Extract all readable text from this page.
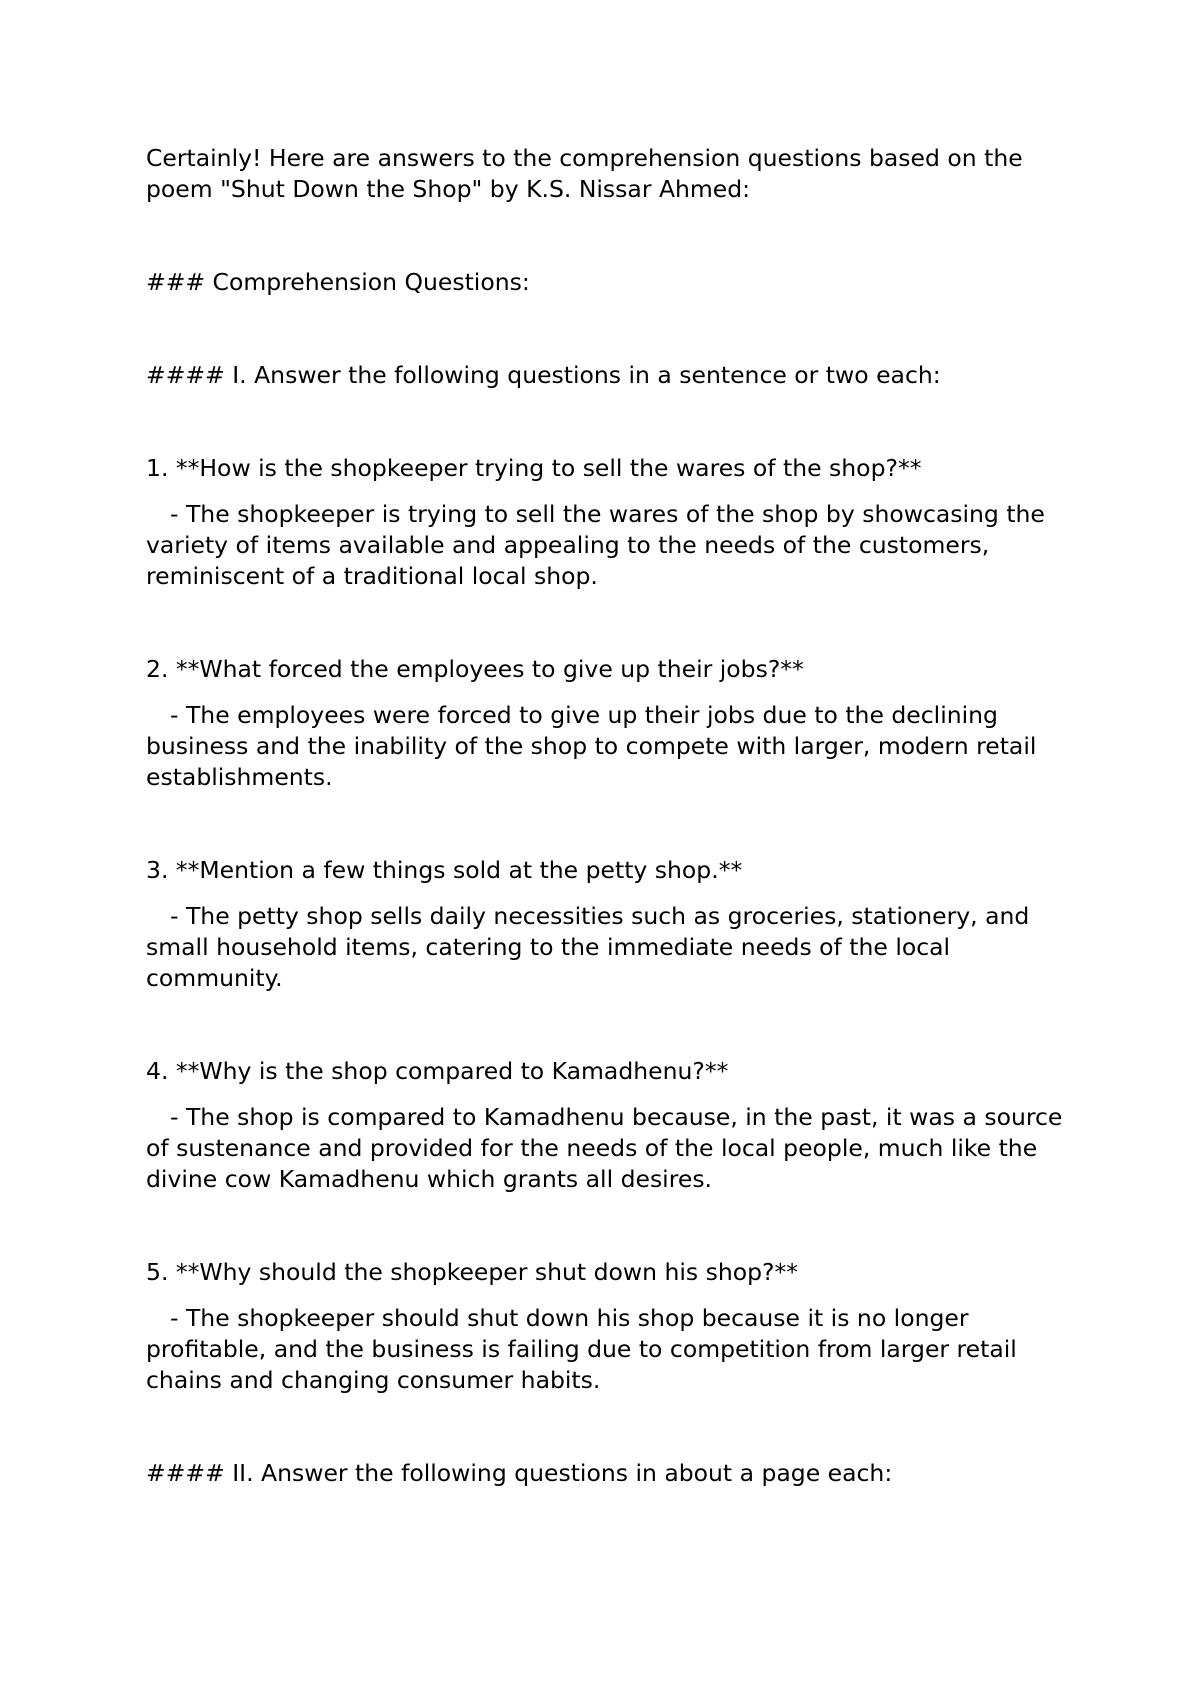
Certainly! Here are answers to the comprehension questions based on the poem "Shut Down the Shop" by K.S. Nissar Ahmed:

### Comprehension Questions:

#### I. Answer the following questions in a sentence or two each:

1. **How is the shopkeeper trying to sell the wares of the shop?**

- The shopkeeper is trying to sell the wares of the shop by showcasing the variety of items available and appealing to the needs of the customers, reminiscent of a traditional local shop.

2. **What forced the employees to give up their jobs?**

- The employees were forced to give up their jobs due to the declining business and the inability of the shop to compete with larger, modern retail establishments.

3. **Mention a few things sold at the petty shop.**

- The petty shop sells daily necessities such as groceries, stationery, and small household items, catering to the immediate needs of the local community.

4. **Why is the shop compared to Kamadhenu?**

- The shop is compared to Kamadhenu because, in the past, it was a source of sustenance and provided for the needs of the local people, much like the divine cow Kamadhenu which grants all desires.

5. **Why should the shopkeeper shut down his shop?**

- The shopkeeper should shut down his shop because it is no longer profitable, and the business is failing due to competition from larger retail chains and changing consumer habits.

#### II. Answer the following questions in about a page each:
